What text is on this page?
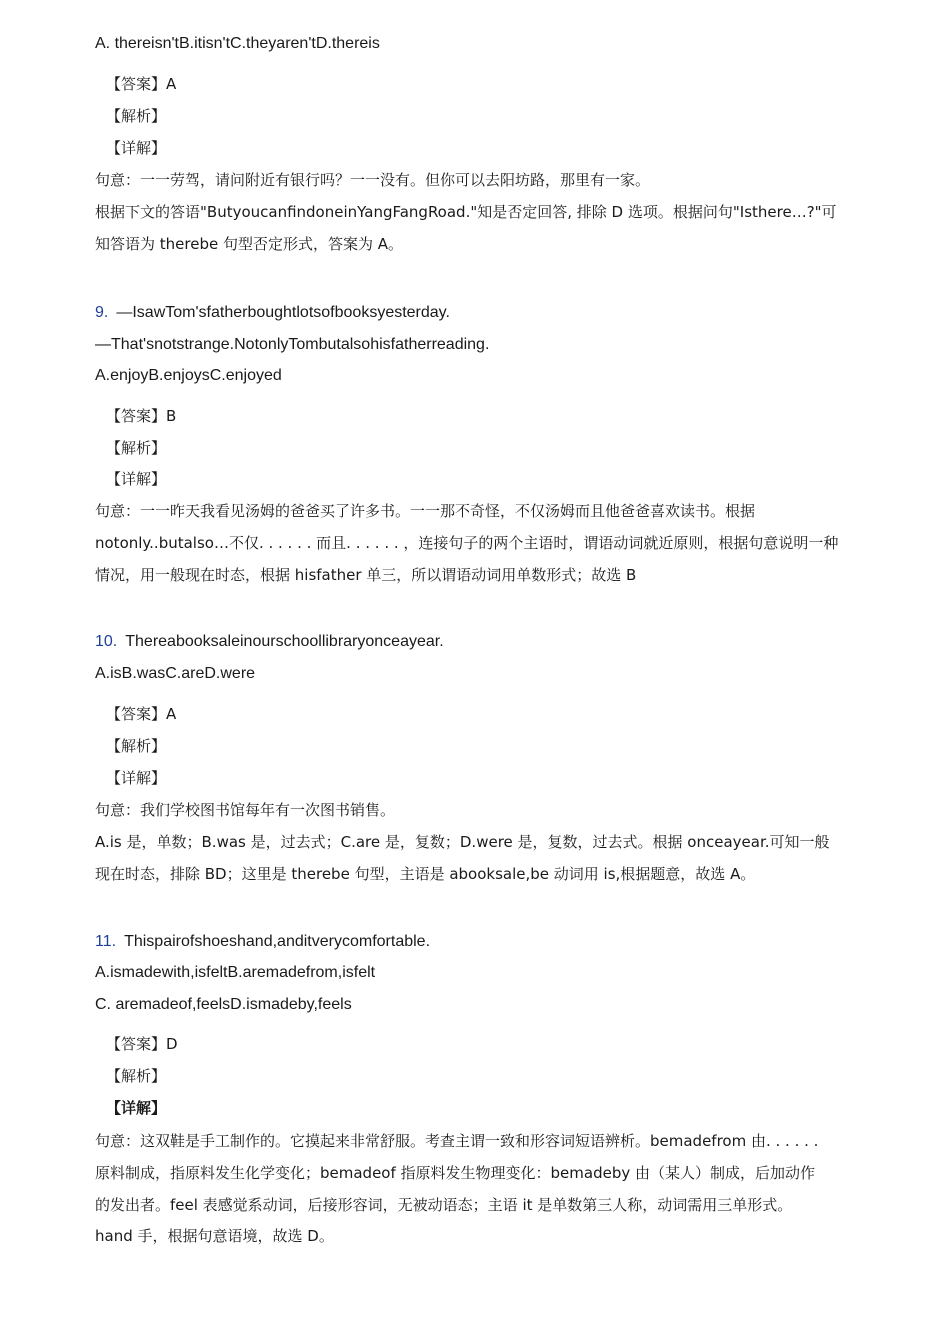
A. thereisn'tB.itisn'tC.theyaren'tD.thereis
【答案】A
【解析】
【详解】
句意：一一劳驾，请问附近有银行吗？一一没有。但你可以去阳坊路，那里有一家。
根据下文的答语"ButyoucanfindoneinYangFangRoad."知是否定回答, 排除 D 选项。根据问句"Isthere…?"可
知答语为 therebe 句型否定形式，答案为 A。
9. —IsawTom'sfatherboughtlotsofbooksyesterday.
—That'snotstrange.NotonlyTombutalsohisfatherreading.
A.enjoyB.enjoysC.enjoyed
【答案】B
【解析】
【详解】
句意：一一昨天我看见汤姆的爸爸买了许多书。一一那不奇怪，不仅汤姆而且他爸爸喜欢读书。根据
notonly..butalso…不仅. . . . . . 而且. . . . . . ，连接句子的两个主语时，谓语动词就近原则，根据句意说明一种
情况，用一般现在时态，根据 hisfather 单三，所以谓语动词用单数形式；故选 B
10. Thereabooksaleinourschoollibraryonceayear.
A.isB.wasC.areD.were
【答案】A
【解析】
【详解】
句意：我们学校图书馆每年有一次图书销售。
A.is 是，单数；B.was 是，过去式；C.are 是，复数；D.were 是，复数，过去式。根据 onceayear.可知一般
现在时态，排除 BD；这里是 therebe 句型，主语是 abooksale,be 动词用 is,根据题意，故选 A。
11. Thispairofshoeshand,anditverycomfortable.
A.ismadewith,isfeltB.aremadefrom,isfelt
C. aremadeof,feelsD.ismadeby,feels
【答案】D
【解析】
【详解】
句意：这双鞋是手工制作的。它摸起来非常舒服。考查主谓一致和形容词短语辨析。bemadefrom 由. . . . . .
原料制成，指原料发生化学变化；bemadeof 指原料发生物理变化：bemadeby 由（某人）制成，后加动作
的发出者。feel 表感觉系动词，后接形容词，无被动语态；主语 it 是单数第三人称，动词需用三单形式。
hand 手，根据句意语境，故选 D。
